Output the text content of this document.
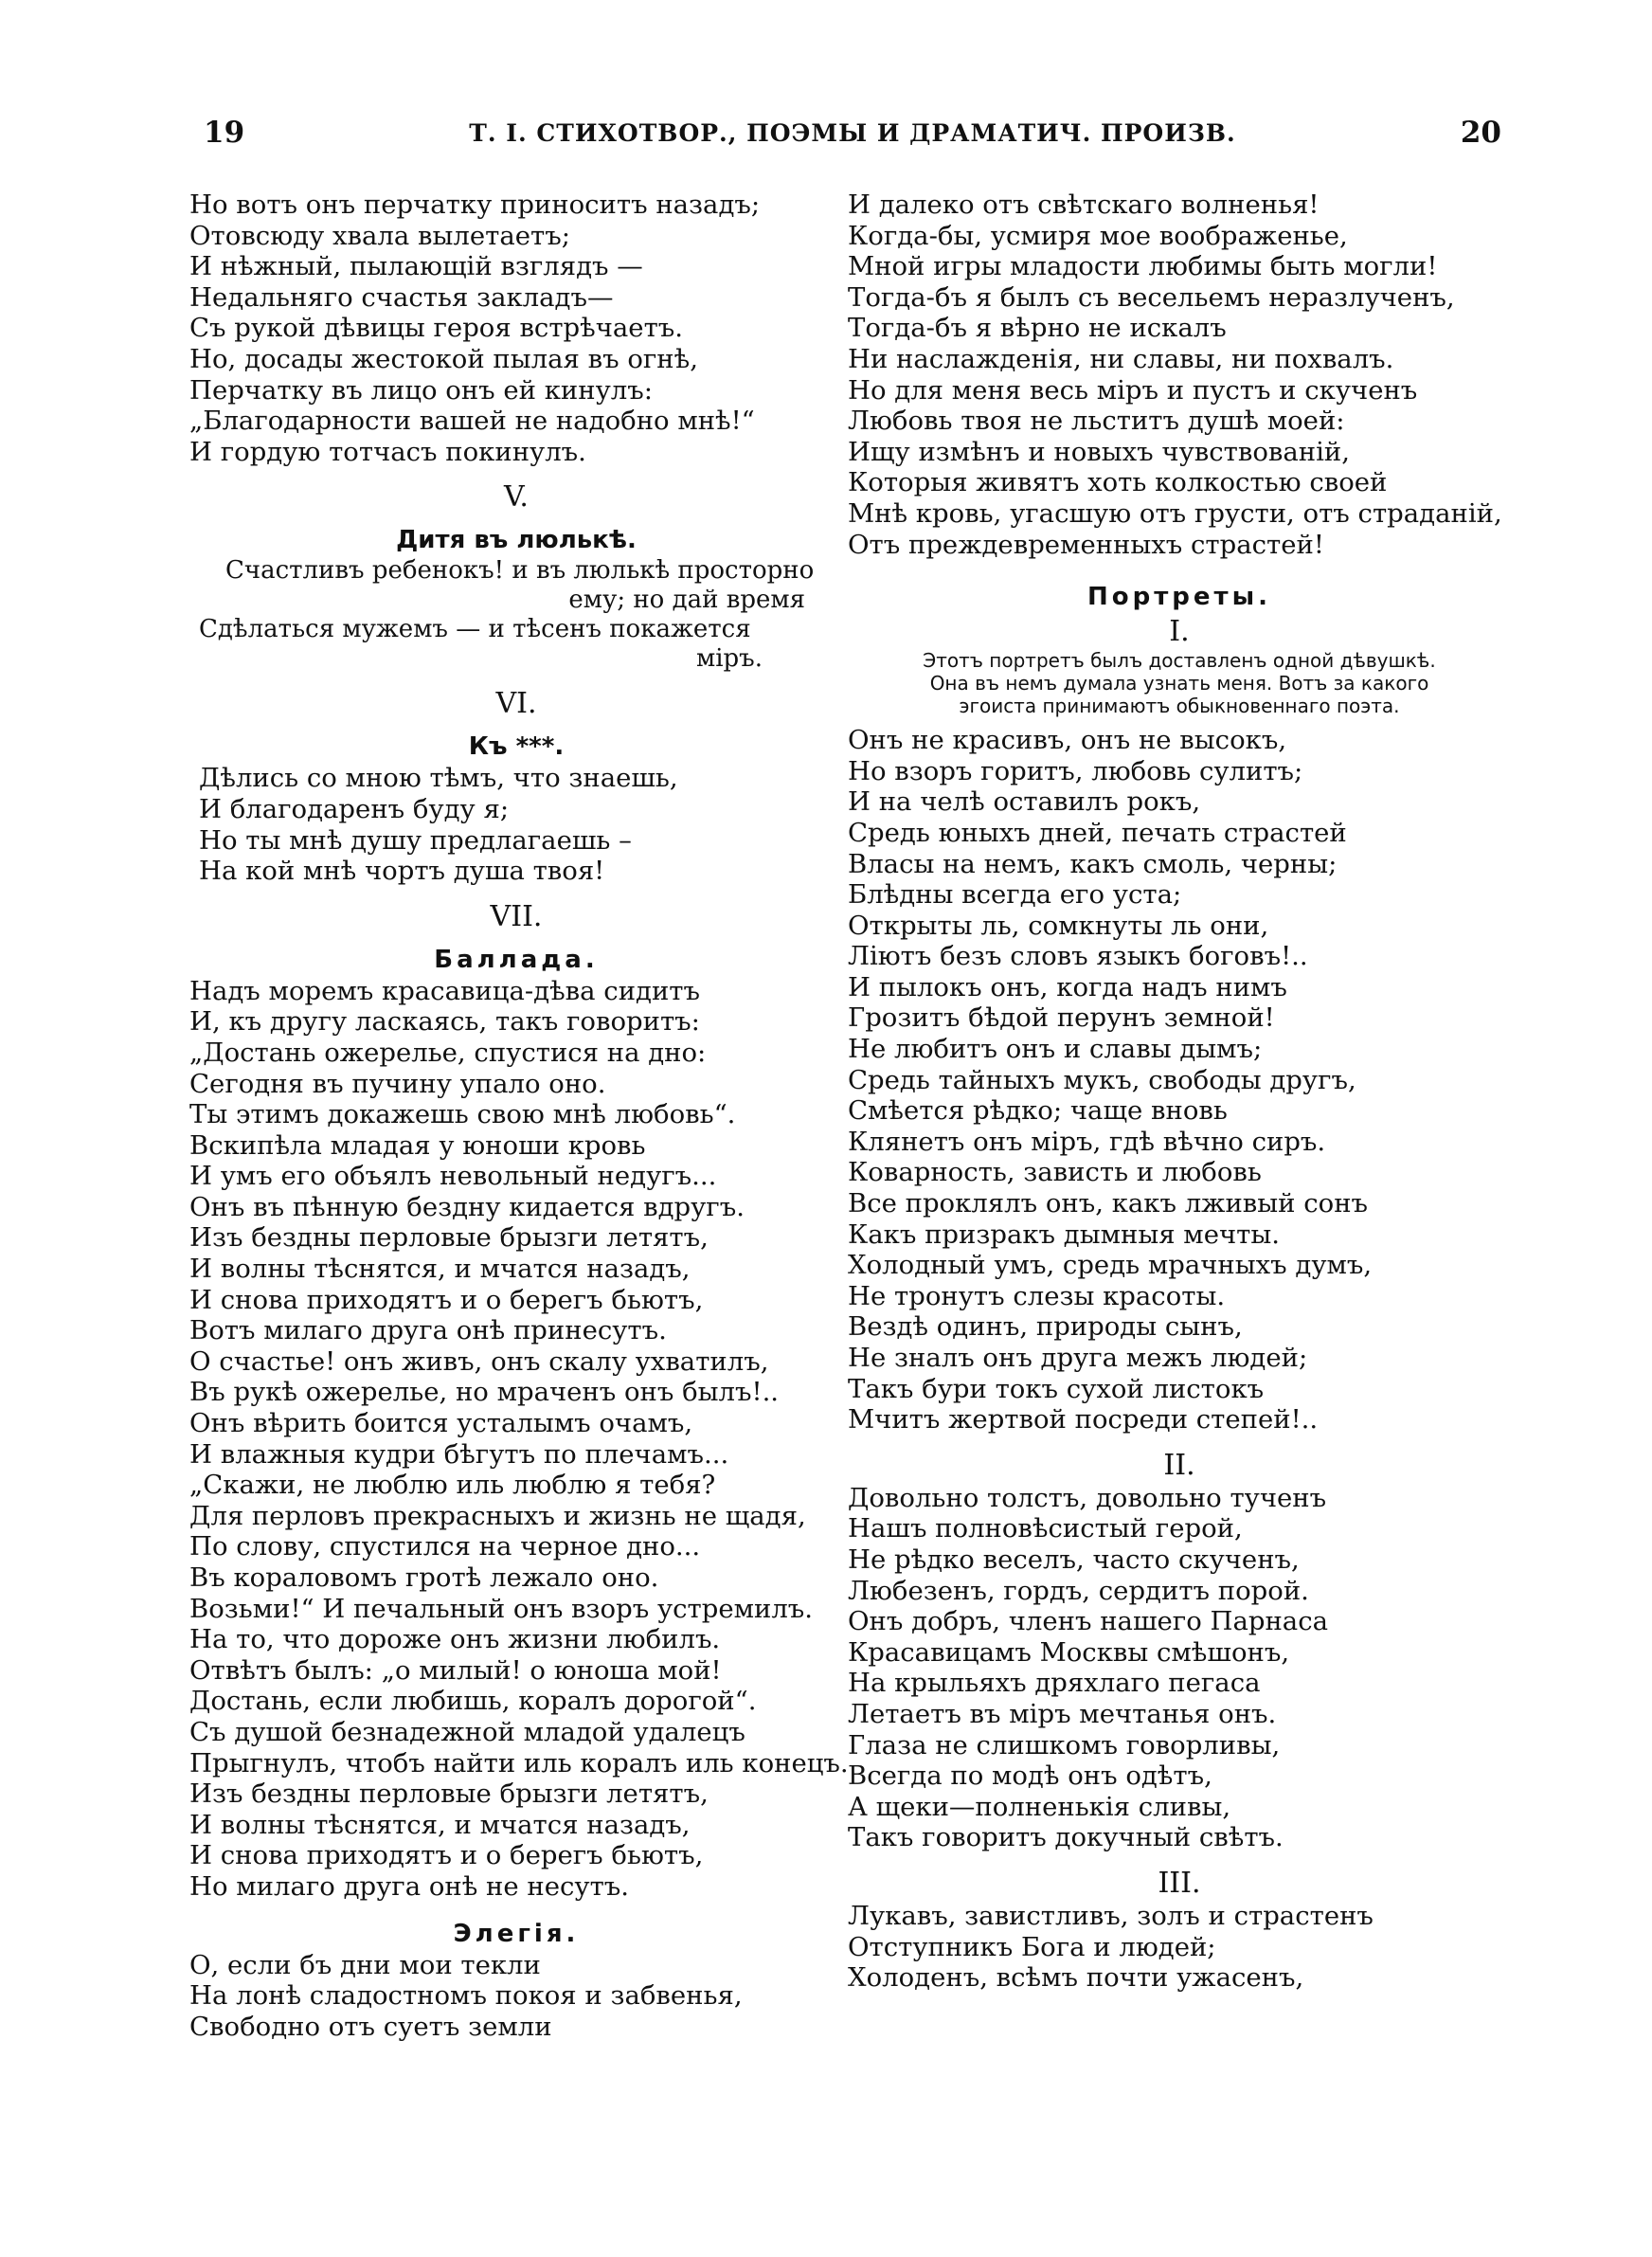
19	Т. I. СТИХОТВОР., ПОЭМЫ И ДРАМАТИЧ. ПРОИЗВ.	20
Но вотъ онъ перчатку приноситъ назадъ;
Отовсюду хвала вылетаетъ;
И нѣжный, пылающій взглядъ —
Недальняго счастья закладъ—
Съ рукой дѣвицы героя встрѣчаетъ.
Но, досады жестокой пылая въ огнѣ,
Перчатку въ лицо онъ ей кинулъ:
„Благодарности вашей не надобно мнѣ!“
И гордую тотчасъ покинулъ.
V.
Дитя въ люлькѣ.
Счастливъ ребенокъ! и въ люлькѣ просторно
ему; но дай время
Сдѣлаться мужемъ — и тѣсенъ покажется
міръ.
VI.
Къ ***.
Дѣлись со мною тѣмъ, что знаешь,
И благодаренъ буду я;
Но ты мнѣ душу предлагаешь –
На кой мнѣ чортъ душа твоя!
VII.
Баллада.
Надъ моремъ красавица-дѣва сидитъ
И, къ другу ласкаясь, такъ говоритъ:
„Достань ожерелье, спустися на дно:
Сегодня въ пучину упало оно.
Ты этимъ докажешь свою мнѣ любовь“.
Вскипѣла младая у юноши кровь
И умъ его объялъ невольный недугъ...
Онъ въ пѣнную бездну кидается вдругъ.
Изъ бездны перловые брызги летятъ,
И волны тѣснятся, и мчатся назадъ,
И снова приходятъ и о берегъ бьютъ,
Вотъ милаго друга онѣ принесутъ.
О счастье! онъ живъ, онъ скалу ухватилъ,
Въ рукѣ ожерелье, но мраченъ онъ былъ!..
Онъ вѣрить боится усталымъ очамъ,
И влажныя кудри бѣгутъ по плечамъ...
„Скажи, не люблю иль люблю я тебя?
Для перловъ прекрасныхъ и жизнь не щадя,
По слову, спустился на черное дно...
Въ кораловомъ гротѣ лежало оно.
Возьми!“ И печальный онъ взоръ устремилъ.
На то, что дороже онъ жизни любилъ.
Отвѣтъ былъ: „о милый! о юноша мой!
Достань, если любишь, коралъ дорогой“.
Съ душой безнадежной младой удалецъ
Прыгнулъ, чтобъ найти иль коралъ иль конецъ.
Изъ бездны перловые брызги летятъ,
И волны тѣснятся, и мчатся назадъ,
И снова приходятъ и о берегъ бьютъ,
Но милаго друга онѣ не несутъ.
Элегія.
О, если бъ дни мои текли
На лонѣ сладостномъ покоя и забвенья,
Свободно отъ суетъ земли
И далеко отъ свѣтскаго волненья!
Когда-бы, усмиря мое воображенье,
Мной игры младости любимы быть могли!
Тогда-бъ я былъ съ весельемъ неразлученъ,
Тогда-бъ я вѣрно не искалъ
Ни наслажденія, ни славы, ни похвалъ.
Но для меня весь міръ и пустъ и скученъ
Любовь твоя не льститъ душѣ моей:
Ищу измѣнъ и новыхъ чувствованій,
Которыя живятъ хоть колкостью своей
Мнѣ кровь, угасшую отъ грусти, отъ страданій,
Отъ преждевременныхъ страстей!
Портреты.
I.
Этотъ портретъ былъ доставленъ одной дѣвушкѣ.
Она въ немъ думала узнать меня. Вотъ за какого
эгоиста принимаютъ обыкновеннаго поэта.
Онъ не красивъ, онъ не высокъ,
Но взоръ горитъ, любовь сулитъ;
И на челѣ оставилъ рокъ,
Средь юныхъ дней, печать страстей
Власы на немъ, какъ смоль, черны;
Блѣдны всегда его уста;
Открыты ль, сомкнуты ль они,
Ліютъ безъ словъ языкъ боговъ!..
И пылокъ онъ, когда надъ нимъ
Грозитъ бѣдой перунъ земной!
Не любитъ онъ и славы дымъ;
Средь тайныхъ мукъ, свободы другъ,
Смѣется рѣдко; чаще вновь
Клянетъ онъ міръ, гдѣ вѣчно сиръ.
Коварность, зависть и любовь
Все проклялъ онъ, какъ лживый сонъ
Какъ призракъ дымныя мечты.
Холодный умъ, средь мрачныхъ думъ,
Не тронутъ слезы красоты.
Вездѣ одинъ, природы сынъ,
Не зналъ онъ друга межъ людей;
Такъ бури токъ сухой листокъ
Мчитъ жертвой посреди степей!..
II.
Довольно толстъ, довольно тученъ
Нашъ полновѣсистый герой,
Не рѣдко веселъ, часто скученъ,
Любезенъ, гордъ, сердитъ порой.
Онъ добръ, членъ нашего Парнаса
Красавицамъ Москвы смѣшонъ,
На крыльяхъ дряхлаго пегаса
Летаетъ въ міръ мечтанья онъ.
Глаза не слишкомъ говорливы,
Всегда по модѣ онъ одѣтъ,
А щеки—полненькія сливы,
Такъ говоритъ докучный свѣтъ.
III.
Лукавъ, завистливъ, золъ и страстенъ
Отступникъ Бога и людей;
Холоденъ, всѣмъ почти ужасенъ,
